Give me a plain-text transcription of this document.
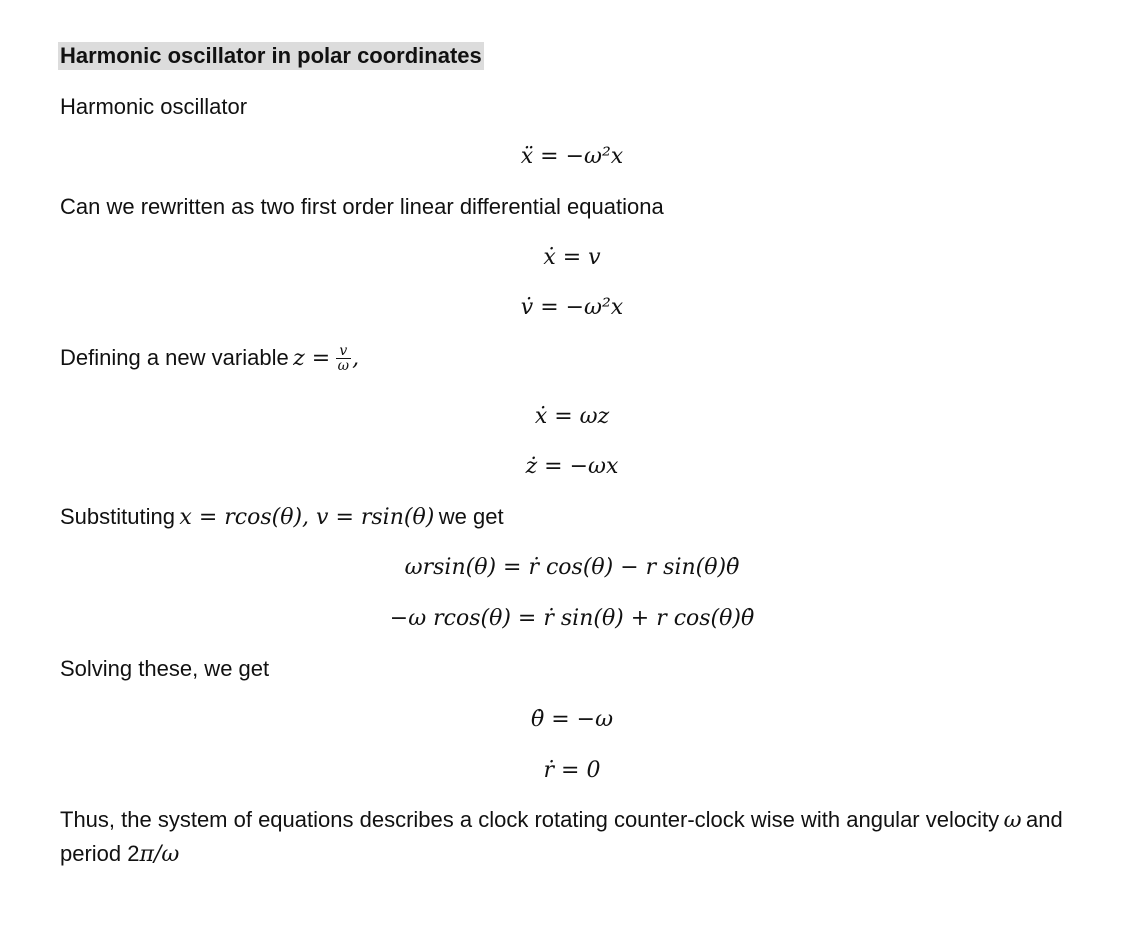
Harmonic oscillator in polar coordinates
Harmonic oscillator
ẍ = −ω²x
Can we rewritten as two first order linear differential equationa
ẋ = v
v̇ = −ω²x
Defining a new variable $z = \frac{v}{\omega}$ ,
ẋ = ωz
ż = −ωx
Substituting x = rcos(θ), v = rsin(θ) we get
ωrsin(θ) = ṙ cos(θ) − r sin(θ)θ̇
−ω rcos(θ) = ṙ sin(θ) + r cos(θ)θ̇
Solving these, we get
θ̇ = −ω
ṙ = 0
Thus, the system of equations describes a clock rotating counter-clock wise with angular velocity ω and
period 2π/ω
